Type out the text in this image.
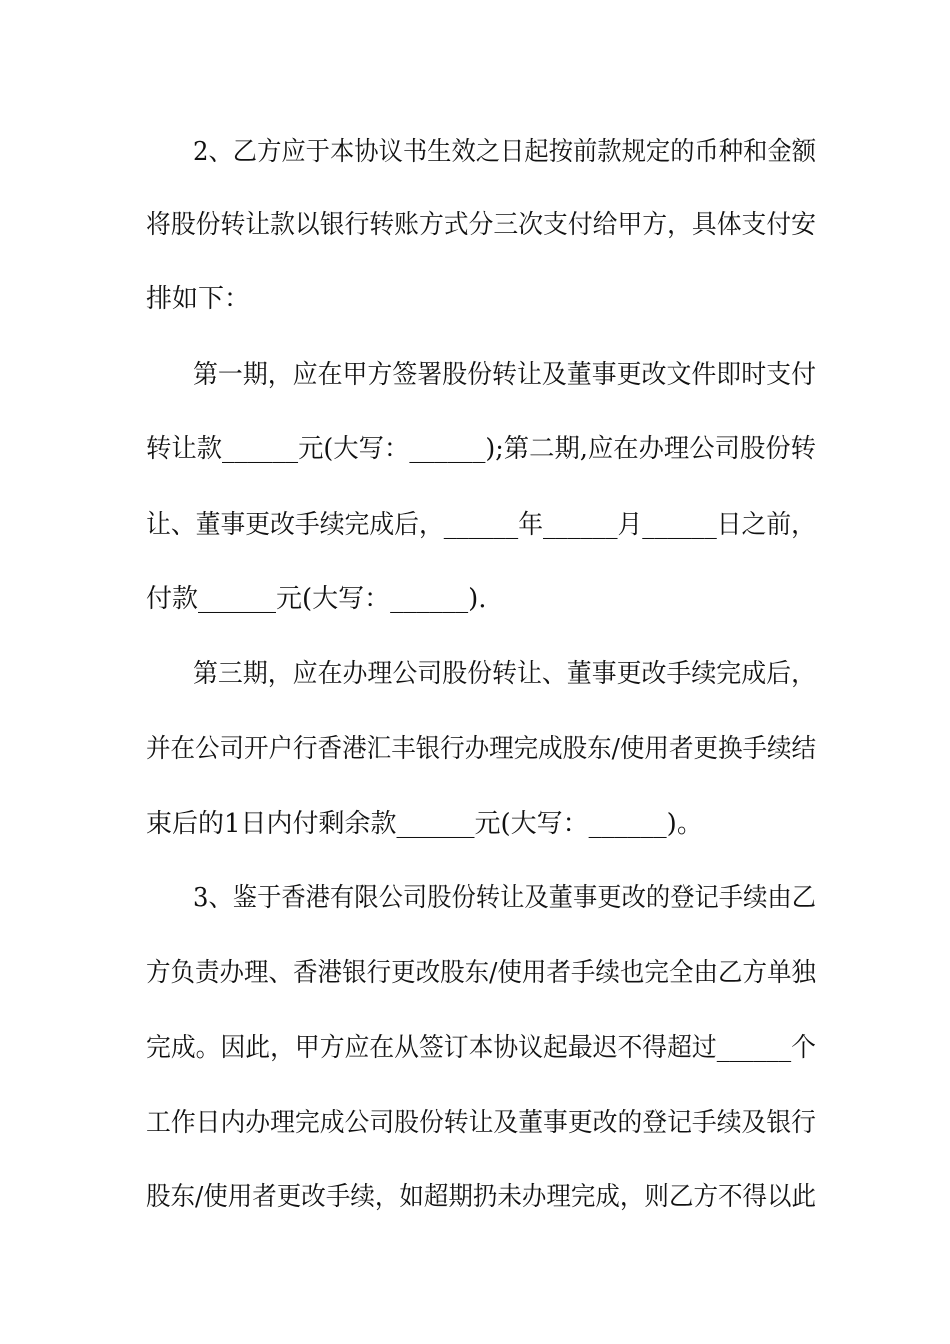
2、乙方应于本协议书生效之日起按前款规定的币种和金额
将股份转让款以银行转账方式分三次支付给甲方，具体支付安
排如下：
第一期，应在甲方签署股份转让及董事更改文件即时支付
转让款______元(大写：______);第二期,应在办理公司股份转
让、董事更改手续完成后，______年______月______日之前，
付款______元(大写：______).
第三期，应在办理公司股份转让、董事更改手续完成后，
并在公司开户行香港汇丰银行办理完成股东/使用者更换手续结
束后的1日内付剩余款______元(大写：______)。
3、鉴于香港有限公司股份转让及董事更改的登记手续由乙
方负责办理、香港银行更改股东/使用者手续也完全由乙方单独
完成。因此，甲方应在从签订本协议起最迟不得超过______个
工作日内办理完成公司股份转让及董事更改的登记手续及银行
股东/使用者更改手续，如超期扔未办理完成，则乙方不得以此
